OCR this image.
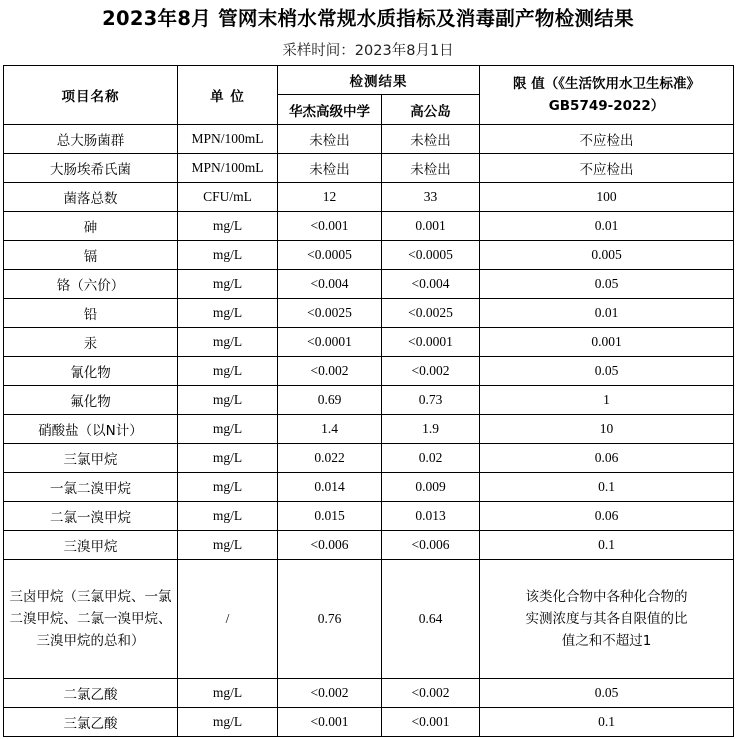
2023年8月 管网末梢水常规水质指标及消毒副产物检测结果
采样时间：2023年8月1日
项目名称	单 位	检测结果		限 值（《生活饮用水卫生标准》GB5749-2022）
		华杰高级中学	高公岛	
总大肠菌群	MPN/100mL	未检出	未检出	不应检出
大肠埃希氏菌	MPN/100mL	未检出	未检出	不应检出
菌落总数	CFU/mL	12	33	100
砷	mg/L	<0.001	0.001	0.01
镉	mg/L	<0.0005	<0.0005	0.005
铬（六价）	mg/L	<0.004	<0.004	0.05
铅	mg/L	<0.0025	<0.0025	0.01
汞	mg/L	<0.0001	<0.0001	0.001
氰化物	mg/L	<0.002	<0.002	0.05
氟化物	mg/L	0.69	0.73	1
硝酸盐（以N计）	mg/L	1.4	1.9	10
三氯甲烷	mg/L	0.022	0.02	0.06
一氯二溴甲烷	mg/L	0.014	0.009	0.1
二氯一溴甲烷	mg/L	0.015	0.013	0.06
三溴甲烷	mg/L	<0.006	<0.006	0.1
三卤甲烷（三氯甲烷、一氯二溴甲烷、二氯一溴甲烷、三溴甲烷的总和）	/	0.76	0.64	该类化合物中各种化合物的实测浓度与其各自限值的比值之和不超过1
二氯乙酸	mg/L	<0.002	<0.002	0.05
三氯乙酸	mg/L	<0.001	<0.001	0.1
